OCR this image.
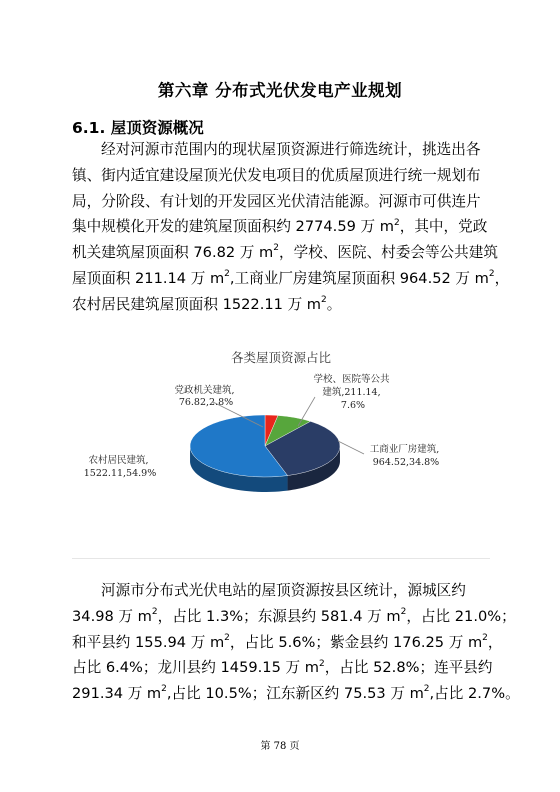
第六章 分布式光伏发电产业规划
6.1. 屋顶资源概况
经对河源市范围内的现状屋顶资源进行筛选统计，挑选出各
镇、街内适宜建设屋顶光伏发电项目的优质屋顶进行统一规划布
局，分阶段、有计划的开发园区光伏清洁能源。河源市可供连片
集中规模化开发的建筑屋顶面积约 2774.59 万 $m^2$，其中，党政
机关建筑屋顶面积 76.82 万 $m^2$，学校、医院、村委会等公共建筑
屋顶面积 211.14 万 $m^2$,工商业厂房建筑屋顶面积 964.52 万 $m^2$，
农村居民建筑屋顶面积 1522.11 万 $m^2$。
各类屋顶资源占比
党政机关建筑, 76.82,2.8%
学校、医院等公共 建筑,211.14, 7.6%
工商业厂房建筑, 964.52,34.8%
农村居民建筑, 1522.11,54.9%
河源市分布式光伏电站的屋顶资源按县区统计，源城区约
34.98 万 $m^2$，占比 1.3%；东源县约 581.4 万 $m^2$，占比 21.0%；
和平县约 155.94 万 $m^2$，占比 5.6%；紫金县约 176.25 万 $m^2$，
占比 6.4%；龙川县约 1459.15 万 $m^2$，占比 52.8%；连平县约
291.34 万 $m^2$,占比 10.5%；江东新区约 75.53 万 $m^2$,占比 2.7%。

第 78 页
